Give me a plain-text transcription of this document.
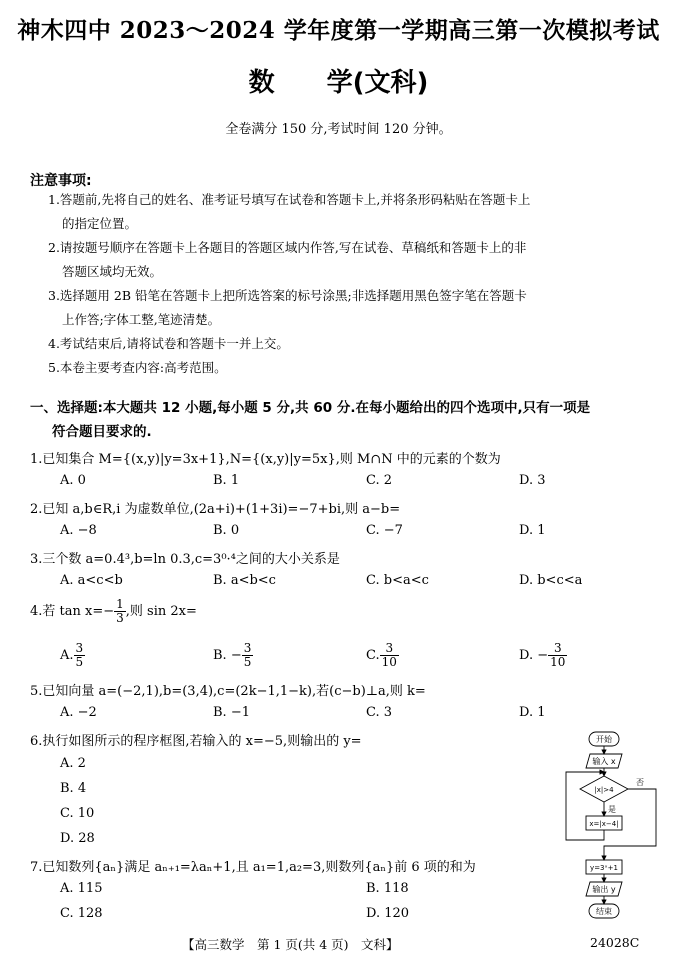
神木四中 2023～2024 学年度第一学期高三第一次模拟考试
数　　学(文科)
全卷满分 150 分,考试时间 120 分钟。
注意事项:
1.答题前,先将自己的姓名、准考证号填写在试卷和答题卡上,并将条形码粘贴在答题卡上
的指定位置。
2.请按题号顺序在答题卡上各题目的答题区域内作答,写在试卷、草稿纸和答题卡上的非
答题区域均无效。
3.选择题用 2B 铅笔在答题卡上把所选答案的标号涂黑;非选择题用黑色签字笔在答题卡
上作答;字体工整,笔迹清楚。
4.考试结束后,请将试卷和答题卡一并上交。
5.本卷主要考查内容:高考范围。
一、选择题:本大题共 12 小题,每小题 5 分,共 60 分.在每小题给出的四个选项中,只有一项是
符合题目要求的.
1.已知集合 M={(x,y)|y=3x+1},N={(x,y)|y=5x},则 M∩N 中的元素的个数为
A. 0	B. 1	C. 2	D. 3
2.已知 a,b∈R,i 为虚数单位,(2a+i)+(1+3i)=−7+bi,则 a−b=
A. −8	B. 0	C. −7	D. 1
3.三个数 a=0.4³,b=ln 0.3,c=3⁰·⁴之间的大小关系是
A. a<c<b	B. a<b<c	C. b<a<c	D. b<c<a
4.若 $\tan x=- \frac{1}{3}$ ,则 sin 2x=
A. $\frac{3}{5}$	B. − $\frac{3}{5}$	C. $\frac{3}{10}$	D. − $\frac{3}{10}$
5.已知向量 a=(−2,1),b=(3,4),c=(2k−1,1−k),若(c−b)⊥a,则 k=
A. −2	B. −1	C. 3	D. 1
6.执行如图所示的程序框图,若输入的 x=−5,则输出的 y=
A. 2
B. 4
C. 10
D. 28
7.已知数列{aₙ}满足 aₙ₊₁=λaₙ+1,且 a₁=1,a₂=3,则数列{aₙ}前 6 项的和为
A. 115	B. 118
C. 128	D. 120
开始
输入 x
|x|>4
否
是
x=|x−4|
y=3ˣ+1
输出 y
结束
【高三数学　第 1 页(共 4 页)　文科】	24028C
